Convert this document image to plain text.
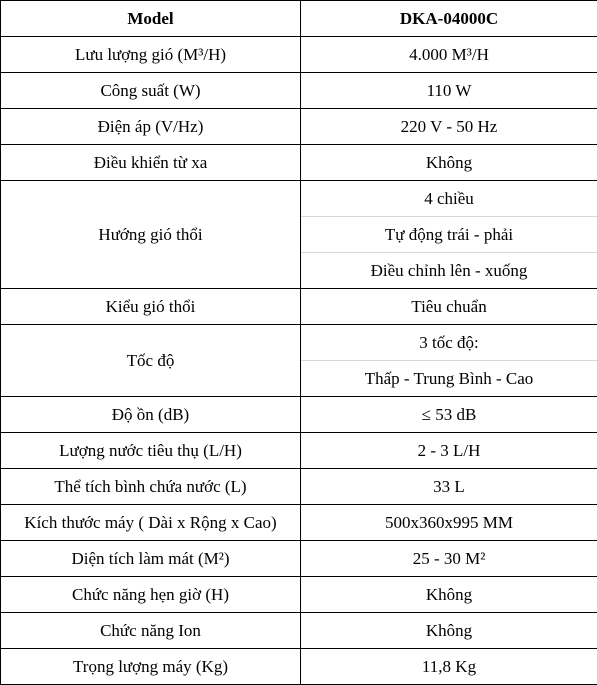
Model	DKA-04000C
Lưu lượng gió (M³/H)	4.000 M³/H
Công suất (W)	110 W
Điện áp (V/Hz)	220 V - 50 Hz
Điều khiển từ xa	Không
Hướng gió thổi	4 chiều
	Tự động trái - phải
	Điều chỉnh lên - xuống
Kiểu gió thổi	Tiêu chuẩn
Tốc độ	3 tốc độ:
	Thấp - Trung Bình - Cao
Độ ồn (dB)	≤ 53 dB
Lượng nước tiêu thụ (L/H)	2 - 3 L/H
Thể tích bình chứa nước (L)	33 L
Kích thước máy ( Dài x Rộng x Cao)	500x360x995 MM
Diện tích làm mát (M²)	25 - 30 M²
Chức năng hẹn giờ (H)	Không
Chức năng Ion	Không
Trọng lượng máy (Kg)	11,8 Kg
